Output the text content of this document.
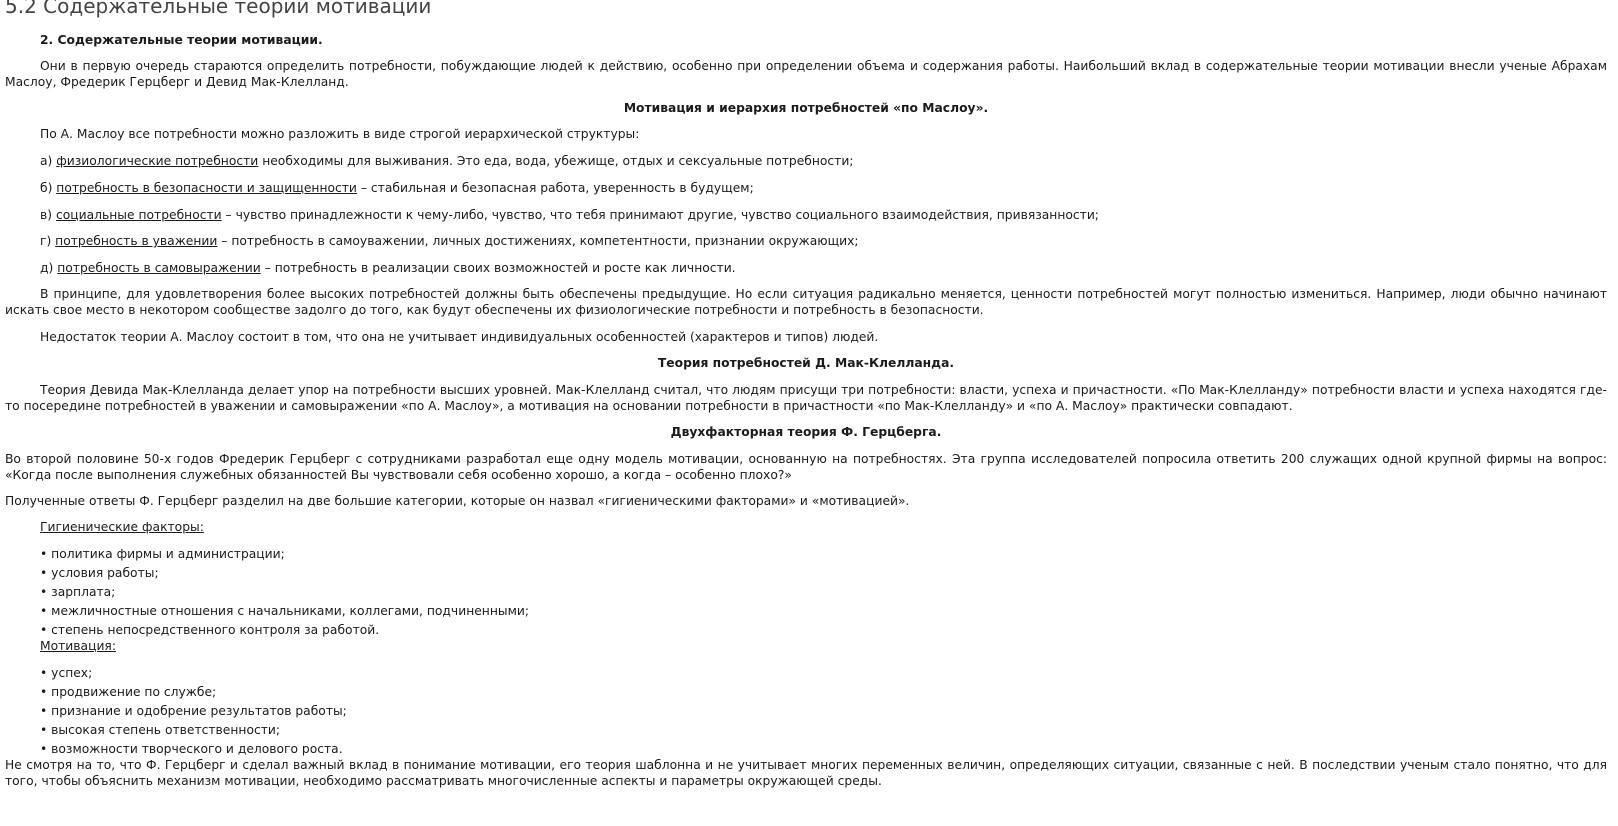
5.2 Содержательные теории мотивации

2. Содержательные теории мотивации.

Они в первую очередь стараются определить потребности, побуждающие людей к действию, особенно при определении объема и содержания работы. Наибольший вклад в содержательные теории мотивации внесли ученые Абрахам Маслоу, Фредерик Герцберг и Девид Мак-Клелланд.

Мотивация и иерархия потребностей «по Маслоу».

По А. Маслоу все потребности можно разложить в виде строгой иерархической структуры:

а) физиологические потребности необходимы для выживания. Это еда, вода, убежище, отдых и сексуальные потребности;

б) потребность в безопасности и защищенности – стабильная и безопасная работа, уверенность в будущем;

в) социальные потребности – чувство принадлежности к чему-либо, чувство, что тебя принимают другие, чувство социального взаимодействия, привязанности;

г) потребность в уважении – потребность в самоуважении, личных достижениях, компетентности, признании окружающих;

д) потребность в самовыражении – потребность в реализации своих возможностей и росте как личности.

В принципе, для удовлетворения более высоких потребностей должны быть обеспечены предыдущие. Но если ситуация радикально меняется, ценности потребностей могут полностью измениться. Например, люди обычно начинают искать свое место в некотором сообществе задолго до того, как будут обеспечены их физиологические потребности и потребность в безопасности.

Недостаток теории А. Маслоу состоит в том, что она не учитывает индивидуальных особенностей (характеров и типов) людей.

Теория потребностей Д. Мак-Клелланда.

Теория Девида Мак-Клелланда делает упор на потребности высших уровней. Мак-Клелланд считал, что людям присущи три потребности: власти, успеха и причастности. «По Мак-Клелланду» потребности власти и успеха находятся где-то посередине потребностей в уважении и самовыражении «по А. Маслоу», а мотивация на основании потребности в причастности «по Мак-Клелланду» и «по А. Маслоу» практически совпадают.

Двухфакторная теория Ф. Герцберга.

Во второй половине 50-х годов Фредерик Герцберг с сотрудниками разработал еще одну модель мотивации, основанную на потребностях. Эта группа исследователей попросила ответить 200 служащих одной крупной фирмы на вопрос: «Когда после выполнения служебных обязанностей Вы чувствовали себя особенно хорошо, а когда – особенно плохо?»

Полученные ответы Ф. Герцберг разделил на две большие категории, которые он назвал «гигиеническими факторами» и «мотивацией».

Гигиенические факторы:

• политика фирмы и администрации;

• условия работы;

• зарплата;

• межличностные отношения с начальниками, коллегами, подчиненными;

• степень непосредственного контроля за работой.

Мотивация:

• успех;

• продвижение по службе;

• признание и одобрение результатов работы;

• высокая степень ответственности;

• возможности творческого и делового роста.

Не смотря на то, что Ф. Герцберг и сделал важный вклад в понимание мотивации, его теория шаблонна и не учитывает многих переменных величин, определяющих ситуации, связанные с ней. В последствии ученым стало понятно, что для того, чтобы объяснить механизм мотивации, необходимо рассматривать многочисленные аспекты и параметры окружающей среды.
